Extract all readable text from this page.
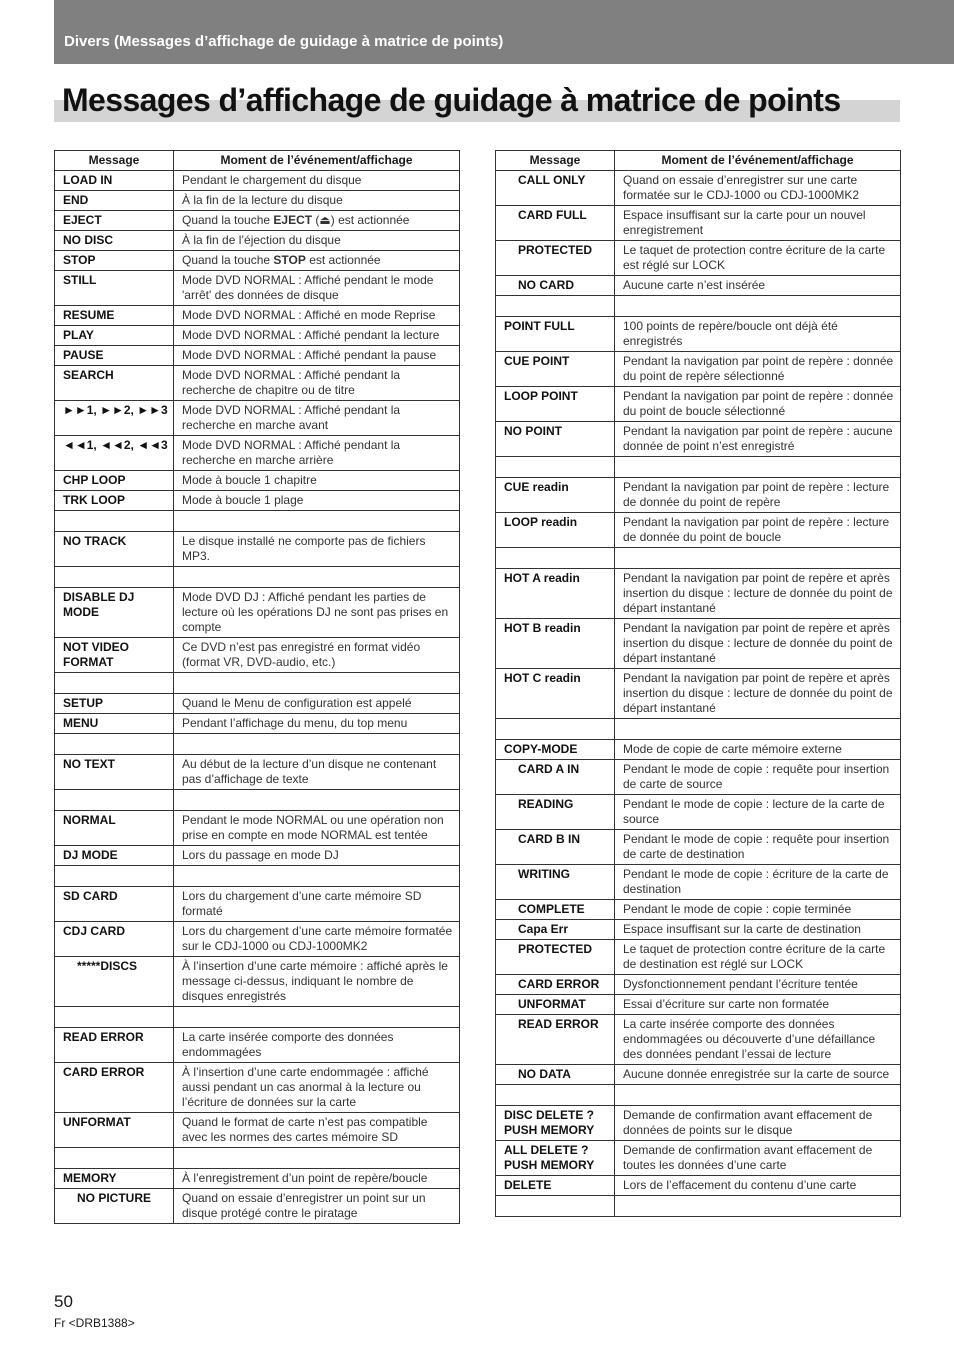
Divers (Messages d’affichage de guidage à matrice de points)
Messages d’affichage de guidage à matrice de points
Message	Moment de l’événement/affichage
LOAD IN	Pendant le chargement du disque
END	À la fin de la lecture du disque
EJECT	Quand la touche EJECT (⏏) est actionnée
NO DISC	À la fin de l’éjection du disque
STOP	Quand la touche STOP est actionnée
STILL	Mode DVD NORMAL : Affiché pendant le mode 'arrêt' des données de disque
RESUME	Mode DVD NORMAL : Affiché en mode Reprise
PLAY	Mode DVD NORMAL : Affiché pendant la lecture
PAUSE	Mode DVD NORMAL : Affiché pendant la pause
SEARCH	Mode DVD NORMAL : Affiché pendant la recherche de chapitre ou de titre
►►1, ►►2, ►►3	Mode DVD NORMAL : Affiché pendant la recherche en marche avant
◄◄1, ◄◄2, ◄◄3	Mode DVD NORMAL : Affiché pendant la recherche en marche arrière
CHP LOOP	Mode à boucle 1 chapitre
TRK LOOP	Mode à boucle 1 plage

NO TRACK	Le disque installé ne comporte pas de fichiers MP3.

DISABLE DJ MODE	Mode DVD DJ : Affiché pendant les parties de lecture où les opérations DJ ne sont pas prises en compte
NOT VIDEO FORMAT	Ce DVD n’est pas enregistré en format vidéo (format VR, DVD-audio, etc.)

SETUP	Quand le Menu de configuration est appelé
MENU	Pendant l’affichage du menu, du top menu

NO TEXT	Au début de la lecture d’un disque ne contenant pas d’affichage de texte

NORMAL	Pendant le mode NORMAL ou une opération non prise en compte en mode NORMAL est tentée
DJ MODE	Lors du passage en mode DJ

SD CARD	Lors du chargement d’une carte mémoire SD formaté
CDJ CARD	Lors du chargement d’une carte mémoire formatée sur le CDJ-1000 ou CDJ-1000MK2
*****DISCS	À l’insertion d’une carte mémoire : affiché après le message ci-dessus, indiquant le nombre de disques enregistrés

READ ERROR	La carte insérée comporte des données endommagées
CARD ERROR	À l’insertion d’une carte endommagée : affiché aussi pendant un cas anormal à la lecture ou l’écriture de données sur la carte
UNFORMAT	Quand le format de carte n’est pas compatible avec les normes des cartes mémoire SD

MEMORY	À l’enregistrement d’un point de repère/boucle
NO PICTURE	Quand on essaie d’enregistrer un point sur un disque protégé contre le piratage
Message	Moment de l’événement/affichage
CALL ONLY	Quand on essaie d’enregistrer sur une carte formatée sur le CDJ-1000 ou CDJ-1000MK2
CARD FULL	Espace insuffisant sur la carte pour un nouvel enregistrement
PROTECTED	Le taquet de protection contre écriture de la carte est réglé sur LOCK
NO CARD	Aucune carte n’est insérée

POINT FULL	100 points de repère/boucle ont déjà été enregistrés
CUE POINT	Pendant la navigation par point de repère : donnée du point de repère sélectionné
LOOP POINT	Pendant la navigation par point de repère : donnée du point de boucle sélectionné
NO POINT	Pendant la navigation par point de repère : aucune donnée de point n’est enregistré

CUE readin	Pendant la navigation par point de repère : lecture de donnée du point de repère
LOOP readin	Pendant la navigation par point de repère : lecture de donnée du point de boucle

HOT A readin	Pendant la navigation par point de repère et après insertion du disque : lecture de donnée du point de départ instantané
HOT B readin	Pendant la navigation par point de repère et après insertion du disque : lecture de donnée du point de départ instantané
HOT C readin	Pendant la navigation par point de repère et après insertion du disque : lecture de donnée du point de départ instantané

COPY-MODE	Mode de copie de carte mémoire externe
CARD A IN	Pendant le mode de copie : requête pour insertion de carte de source
READING	Pendant le mode de copie : lecture de la carte de source
CARD B IN	Pendant le mode de copie : requête pour insertion de carte de destination
WRITING	Pendant le mode de copie : écriture de la carte de destination
COMPLETE	Pendant le mode de copie : copie terminée
Capa Err	Espace insuffisant sur la carte de destination
PROTECTED	Le taquet de protection contre écriture de la carte de destination est réglé sur LOCK
CARD ERROR	Dysfonctionnement pendant l’écriture tentée
UNFORMAT	Essai d’écriture sur carte non formatée
READ ERROR	La carte insérée comporte des données endommagées ou découverte d’une défaillance des données pendant l’essai de lecture
NO DATA	Aucune donnée enregistrée sur la carte de source

DISC DELETE ? PUSH MEMORY	Demande de confirmation avant effacement de données de points sur le disque
ALL DELETE ? PUSH MEMORY	Demande de confirmation avant effacement de toutes les données d’une carte
DELETE	Lors de l’effacement du contenu d’une carte

50
Fr <DRB1388>
